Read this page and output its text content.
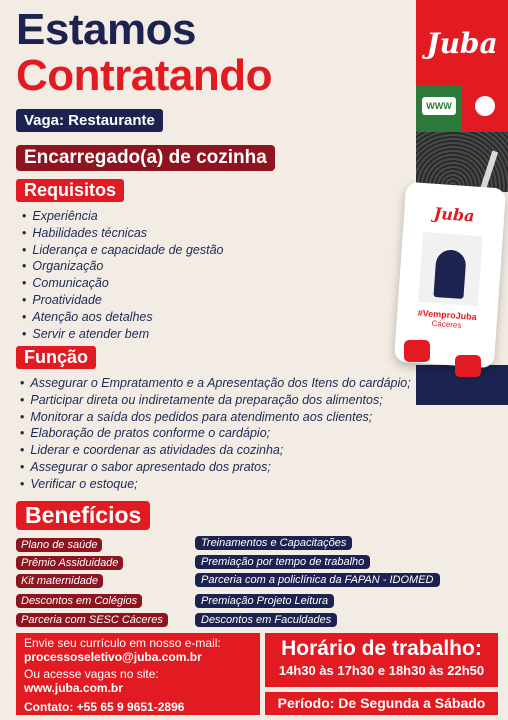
Estamos
Contratando
Vaga: Restaurante
Encarregado(a) de cozinha
Requisitos
• Experiência
• Habilidades técnicas
• Liderança e capacidade de gestão
• Organização
• Comunicação
• Proatividade
• Atenção aos detalhes
• Servir e atender bem
Função
• Assegurar o Empratamento e a Apresentação dos Itens do cardápio;
• Participar direta ou indiretamente da preparação dos alimentos;
• Monitorar a saída dos pedidos para atendimento aos clientes;
• Elaboração de pratos conforme o cardápio;
• Liderar e coordenar as atividades da cozinha;
• Assegurar o sabor apresentado dos pratos;
• Verificar o estoque;
Benefícios
Plano de saúde
Prêmio Assiduidade
Kit maternidade
Descontos em Colégios
Parceria com SESC Cáceres
Treinamentos e Capacitações
Premiação por tempo de trabalho
Parceria com a policlínica da FAPAN - IDOMED
Premiação Projeto Leitura
Descontos em Faculdades
Envie seu currículo em nosso e-mail:
processoseletivo@juba.com.br
Ou acesse vagas no site:
www.juba.com.br
Contato: +55 65 9 9651-2896
Horário de trabalho:
14h30 às 17h30 e 18h30 às 22h50
Período: De Segunda a Sábado
Juba
WWW
Juba
#VemproJuba
Cáceres
